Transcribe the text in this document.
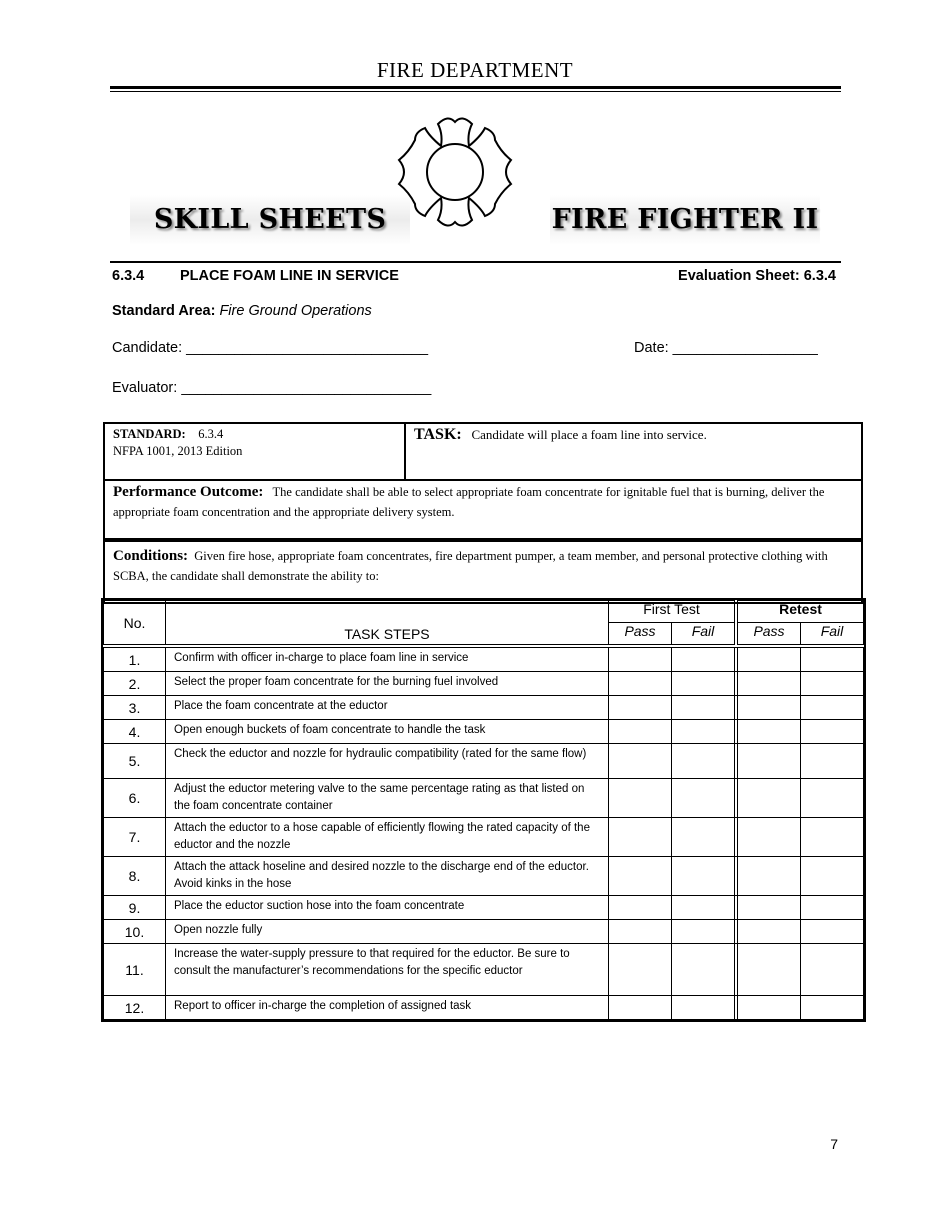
FIRE DEPARTMENT
SKILL SHEETS	FIRE FIGHTER II
6.3.4 PLACE FOAM LINE IN SERVICE	Evaluation Sheet: 6.3.4
Standard Area: Fire Ground Operations
Candidate: ______________________________	Date: __________________
Evaluator: _______________________________
STANDARD: 6.3.4
NFPA 1001, 2013 Edition
TASK: Candidate will place a foam line into service.
Performance Outcome: The candidate shall be able to select appropriate foam concentrate for ignitable fuel that is burning, deliver the appropriate foam concentration and the appropriate delivery system.
Conditions: Given fire hose, appropriate foam concentrates, fire department pumper, a team member, and personal protective clothing with SCBA, the candidate shall demonstrate the ability to:
No.	TASK STEPS	First Test			Retest	
		Pass	Fail		Pass	Fail

1.	Confirm with officer in-charge to place foam line in service					
2.	Select the proper foam concentrate for the burning fuel involved					
3.	Place the foam concentrate at the eductor					
4.	Open enough buckets of foam concentrate to handle the task					
5.	Check the eductor and nozzle for hydraulic compatibility (rated for the same flow)					
6.	Adjust the eductor metering valve to the same percentage rating as that listed on the foam concentrate container					
7.	Attach the eductor to a hose capable of efficiently flowing the rated capacity of the eductor and the nozzle					
8.	Attach the attack hoseline and desired nozzle to the discharge end of the eductor. Avoid kinks in the hose					
9.	Place the eductor suction hose into the foam concentrate					
10.	Open nozzle fully					
11.	Increase the water-supply pressure to that required for the eductor. Be sure to consult the manufacturer’s recommendations for the specific eductor					
12.	Report to officer in-charge the completion of assigned task					
7
